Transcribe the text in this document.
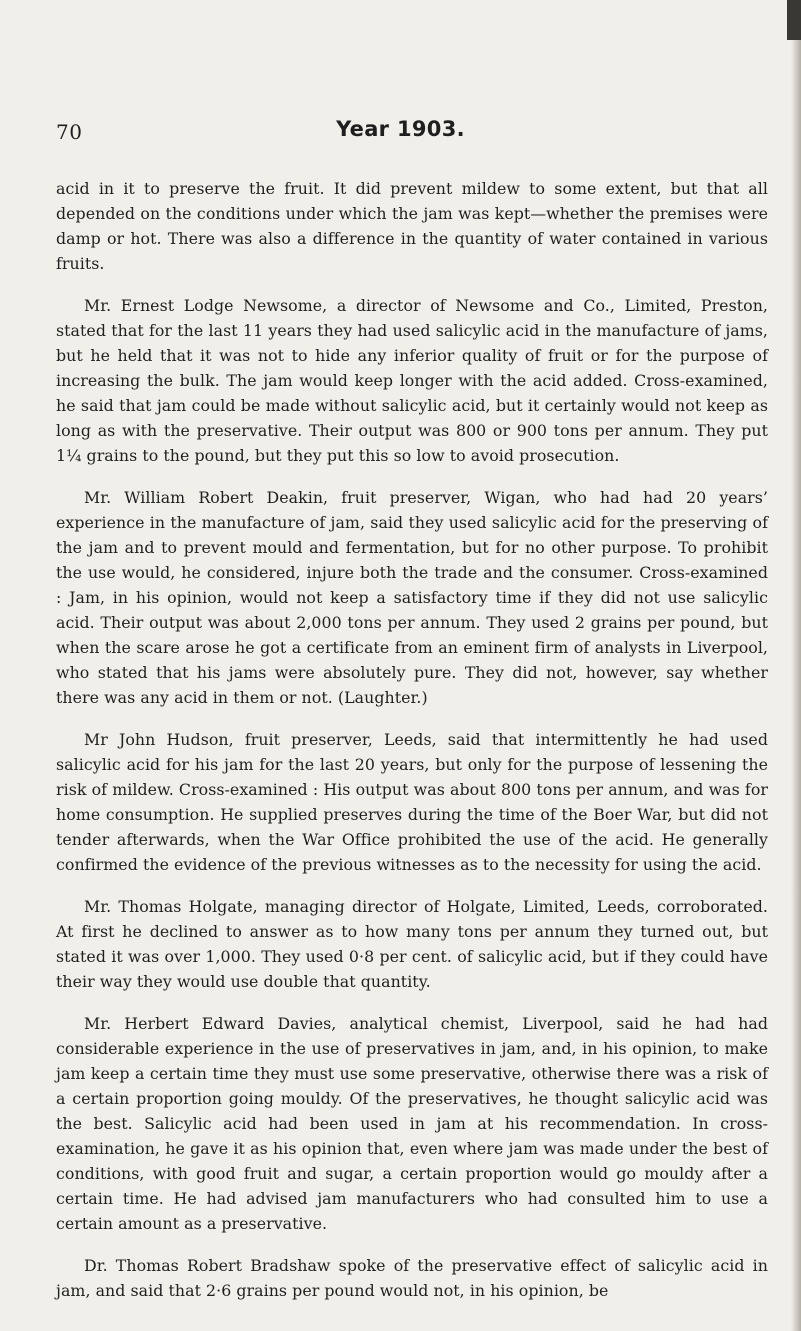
70	Year 1903.

acid in it to preserve the fruit. It did prevent mildew to some extent, but that all depended on the conditions under which the jam was kept—whether the premises were damp or hot. There was also a difference in the quantity of water contained in various fruits.

Mr. Ernest Lodge Newsome, a director of Newsome and Co., Limited, Preston, stated that for the last 11 years they had used salicylic acid in the manufacture of jams, but he held that it was not to hide any inferior quality of fruit or for the purpose of increasing the bulk. The jam would keep longer with the acid added. Cross-examined, he said that jam could be made without salicylic acid, but it certainly would not keep as long as with the preservative. Their output was 800 or 900 tons per annum. They put 1¼ grains to the pound, but they put this so low to avoid prosecution.

Mr. William Robert Deakin, fruit preserver, Wigan, who had had 20 years’ experience in the manufacture of jam, said they used salicylic acid for the preserving of the jam and to prevent mould and fermentation, but for no other purpose. To prohibit the use would, he considered, injure both the trade and the consumer. Cross-examined : Jam, in his opinion, would not keep a satisfactory time if they did not use salicylic acid. Their output was about 2,000 tons per annum. They used 2 grains per pound, but when the scare arose he got a certificate from an eminent firm of analysts in Liverpool, who stated that his jams were absolutely pure. They did not, however, say whether there was any acid in them or not. (Laughter.)

Mr John Hudson, fruit preserver, Leeds, said that intermittently he had used salicylic acid for his jam for the last 20 years, but only for the purpose of lessening the risk of mildew. Cross-examined : His output was about 800 tons per annum, and was for home consumption. He supplied preserves during the time of the Boer War, but did not tender afterwards, when the War Office prohibited the use of the acid. He generally confirmed the evidence of the previous witnesses as to the necessity for using the acid.

Mr. Thomas Holgate, managing director of Holgate, Limited, Leeds, corroborated. At first he declined to answer as to how many tons per annum they turned out, but stated it was over 1,000. They used 0·8 per cent. of salicylic acid, but if they could have their way they would use double that quantity.

Mr. Herbert Edward Davies, analytical chemist, Liverpool, said he had had considerable experience in the use of preservatives in jam, and, in his opinion, to make jam keep a certain time they must use some preservative, otherwise there was a risk of a certain proportion going mouldy. Of the preservatives, he thought salicylic acid was the best. Salicylic acid had been used in jam at his recommendation. In cross-examination, he gave it as his opinion that, even where jam was made under the best of conditions, with good fruit and sugar, a certain proportion would go mouldy after a certain time. He had advised jam manufacturers who had consulted him to use a certain amount as a preservative.

Dr. Thomas Robert Bradshaw spoke of the preservative effect of salicylic acid in jam, and said that 2·6 grains per pound would not, in his opinion, be
